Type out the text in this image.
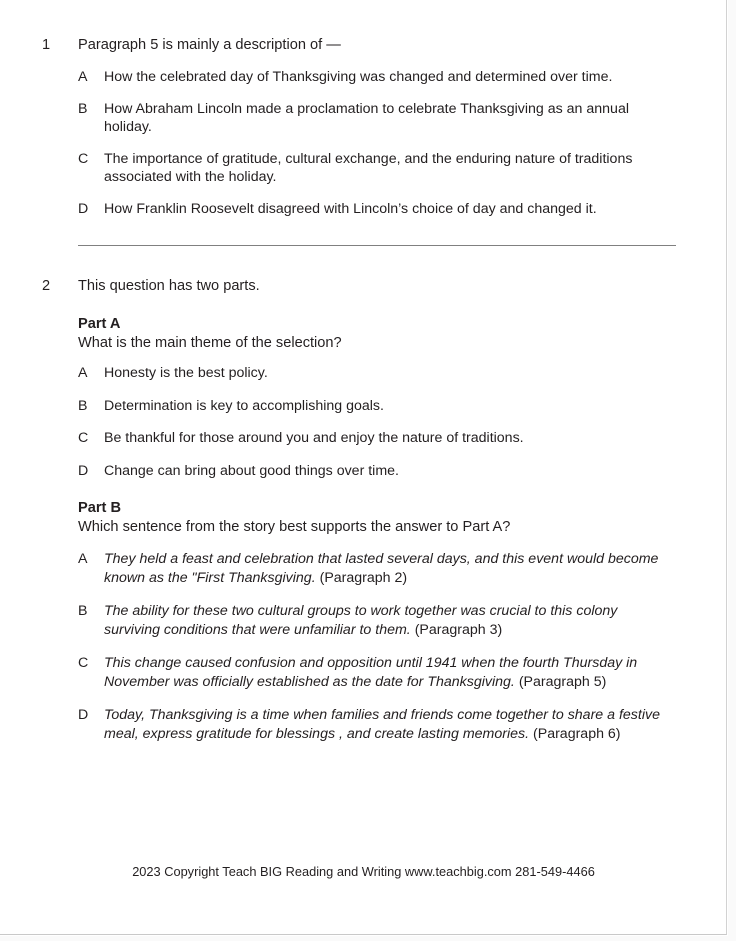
1	Paragraph 5 is mainly a description of —
A	How the celebrated day of Thanksgiving was changed and determined over time.
B	How Abraham Lincoln made a proclamation to celebrate Thanksgiving as an annual holiday.
C	The importance of gratitude, cultural exchange, and the enduring nature of traditions associated with the holiday.
D	How Franklin Roosevelt disagreed with Lincoln’s choice of day and changed it.
2	This question has two parts.
Part A
What is the main theme of the selection?
A	Honesty is the best policy.
B	Determination is key to accomplishing goals.
C	Be thankful for those around you and enjoy the nature of traditions.
D	Change can bring about good things over time.
Part B
Which sentence from the story best supports the answer to Part A?
A	They held a feast and celebration that lasted several days, and this event would become known as the "First Thanksgiving. (Paragraph 2)
B	The ability for these two cultural groups to work together was crucial to this colony surviving conditions that were unfamiliar to them. (Paragraph 3)
C	This change caused confusion and opposition until 1941 when the fourth Thursday in November was officially established as the date for Thanksgiving. (Paragraph 5)
D	Today, Thanksgiving is a time when families and friends come together to share a festive meal, express gratitude for blessings , and create lasting memories. (Paragraph 6)
2023 Copyright Teach BIG Reading and Writing www.teachbig.com 281-549-4466
